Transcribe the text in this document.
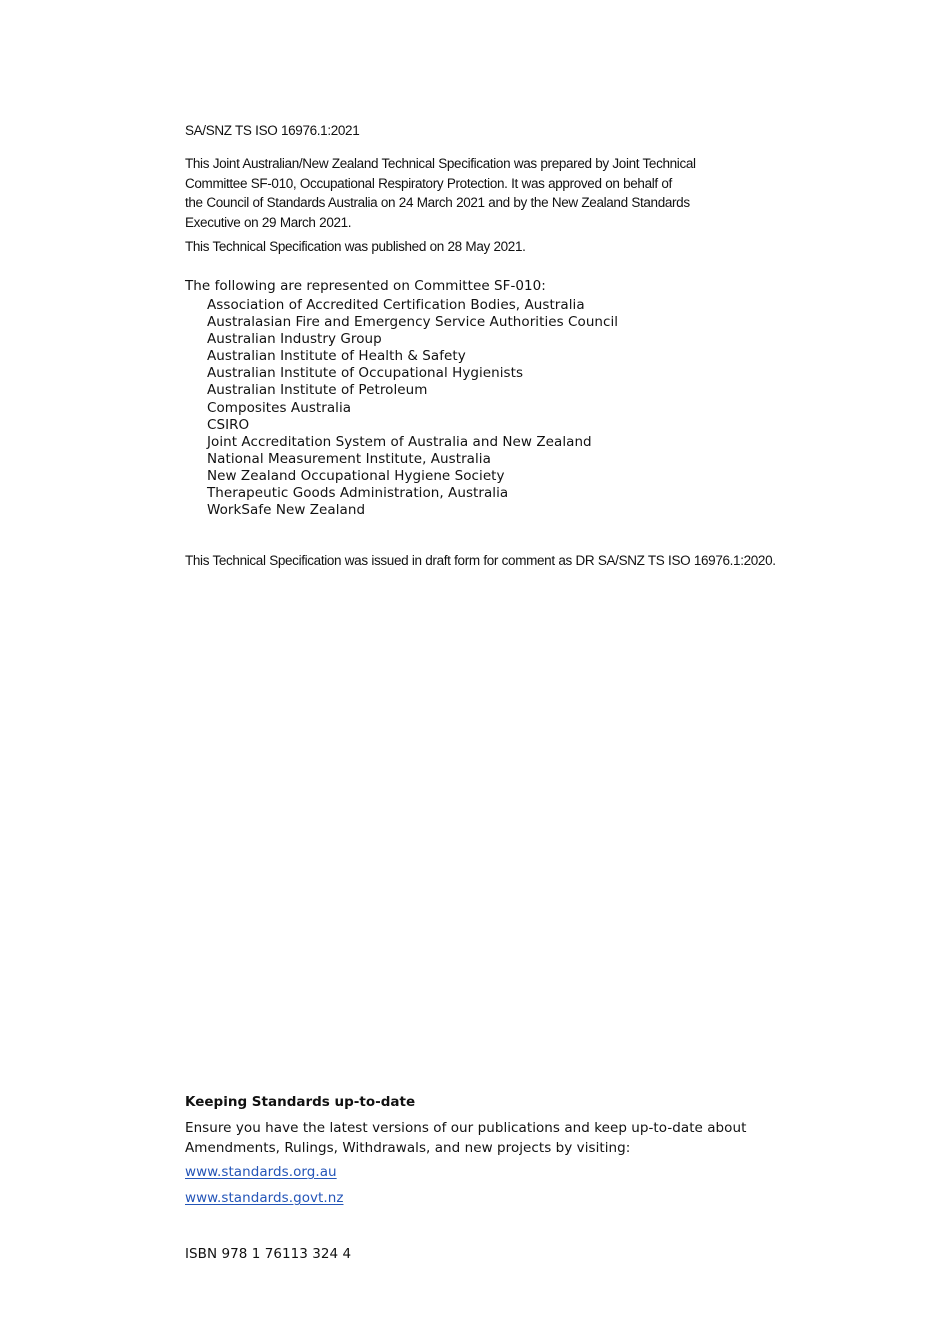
SA/SNZ TS ISO 16976.1:2021

This Joint Australian/New Zealand Technical Specification was prepared by Joint Technical
Committee SF-010, Occupational Respiratory Protection. It was approved on behalf of
the Council of Standards Australia on 24 March 2021 and by the New Zealand Standards
Executive on 29 March 2021.

This Technical Specification was published on 28 May 2021.

The following are represented on Committee SF-010:

Association of Accredited Certification Bodies, Australia
Australasian Fire and Emergency Service Authorities Council
Australian Industry Group
Australian Institute of Health & Safety
Australian Institute of Occupational Hygienists
Australian Institute of Petroleum
Composites Australia
CSIRO
Joint Accreditation System of Australia and New Zealand
National Measurement Institute, Australia
New Zealand Occupational Hygiene Society
Therapeutic Goods Administration, Australia
WorkSafe New Zealand

This Technical Specification was issued in draft form for comment as DR SA/SNZ TS ISO 16976.1:2020.

Keeping Standards up-to-date

Ensure you have the latest versions of our publications and keep up-to-date about
Amendments, Rulings, Withdrawals, and new projects by visiting:

www.standards.org.au
www.standards.govt.nz

ISBN 978 1 76113 324 4
